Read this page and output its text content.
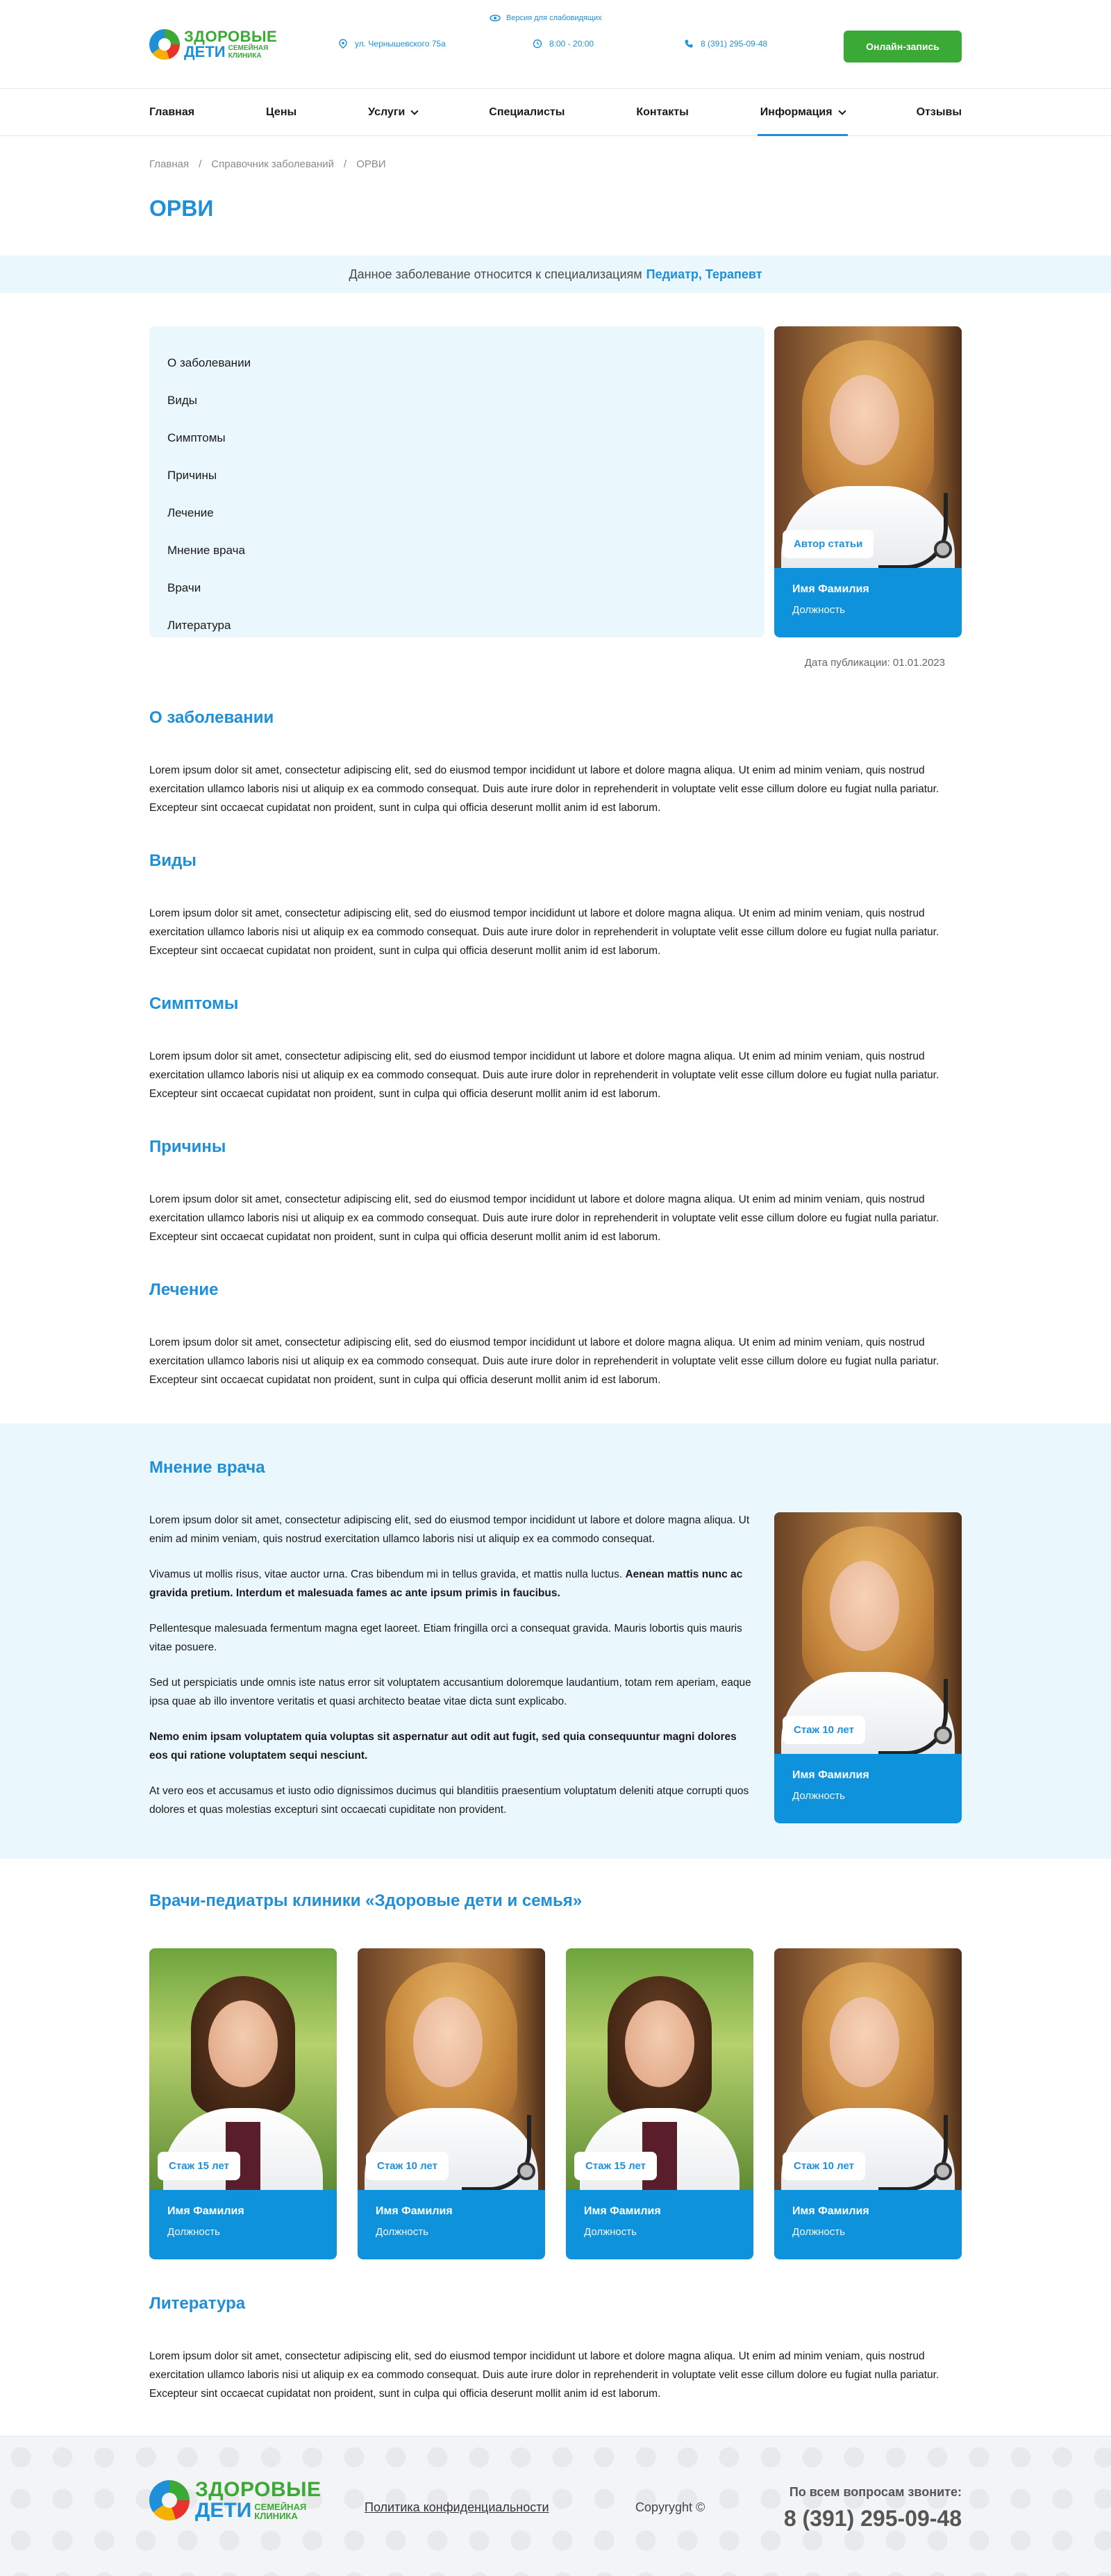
ЗДОРОВЫЕ
ДЕТИ СЕМЕЙНАЯ
КЛИНИКА
Версия для слабовидящих
ул. Чернышевского 75а	8:00 - 20:00	8 (391) 295-09-48	Онлайн-запись
Главная	Цены	Услуги	Специалисты	Контакты	Информация	Отзывы
Главная / Справочник заболеваний / ОРВИ
ОРВИ
Данное заболевание относится к специализациям Педиатр, Терапевт
О заболевании
Виды
Симптомы
Причины
Лечение
Мнение врача
Врачи
Литература
Автор статьи
Имя Фамилия
Должность
Дата публикации: 01.01.2023
О заболевании

Lorem ipsum dolor sit amet, consectetur adipiscing elit, sed do eiusmod tempor incididunt ut labore et dolore magna aliqua. Ut enim ad minim veniam, quis nostrud exercitation ullamco laboris nisi ut aliquip ex ea commodo consequat. Duis aute irure dolor in reprehenderit in voluptate velit esse cillum dolore eu fugiat nulla pariatur. Excepteur sint occaecat cupidatat non proident, sunt in culpa qui officia deserunt mollit anim id est laborum.

Виды

Lorem ipsum dolor sit amet, consectetur adipiscing elit, sed do eiusmod tempor incididunt ut labore et dolore magna aliqua. Ut enim ad minim veniam, quis nostrud exercitation ullamco laboris nisi ut aliquip ex ea commodo consequat. Duis aute irure dolor in reprehenderit in voluptate velit esse cillum dolore eu fugiat nulla pariatur. Excepteur sint occaecat cupidatat non proident, sunt in culpa qui officia deserunt mollit anim id est laborum.

Симптомы

Lorem ipsum dolor sit amet, consectetur adipiscing elit, sed do eiusmod tempor incididunt ut labore et dolore magna aliqua. Ut enim ad minim veniam, quis nostrud exercitation ullamco laboris nisi ut aliquip ex ea commodo consequat. Duis aute irure dolor in reprehenderit in voluptate velit esse cillum dolore eu fugiat nulla pariatur. Excepteur sint occaecat cupidatat non proident, sunt in culpa qui officia deserunt mollit anim id est laborum.

Причины

Lorem ipsum dolor sit amet, consectetur adipiscing elit, sed do eiusmod tempor incididunt ut labore et dolore magna aliqua. Ut enim ad minim veniam, quis nostrud exercitation ullamco laboris nisi ut aliquip ex ea commodo consequat. Duis aute irure dolor in reprehenderit in voluptate velit esse cillum dolore eu fugiat nulla pariatur. Excepteur sint occaecat cupidatat non proident, sunt in culpa qui officia deserunt mollit anim id est laborum.

Лечение

Lorem ipsum dolor sit amet, consectetur adipiscing elit, sed do eiusmod tempor incididunt ut labore et dolore magna aliqua. Ut enim ad minim veniam, quis nostrud exercitation ullamco laboris nisi ut aliquip ex ea commodo consequat. Duis aute irure dolor in reprehenderit in voluptate velit esse cillum dolore eu fugiat nulla pariatur. Excepteur sint occaecat cupidatat non proident, sunt in culpa qui officia deserunt mollit anim id est laborum.

Мнение врача

Lorem ipsum dolor sit amet, consectetur adipiscing elit, sed do eiusmod tempor incididunt ut labore et dolore magna aliqua. Ut enim ad minim veniam, quis nostrud exercitation ullamco laboris nisi ut aliquip ex ea commodo consequat.

Vivamus ut mollis risus, vitae auctor urna. Cras bibendum mi in tellus gravida, et mattis nulla luctus. Aenean mattis nunc ac gravida pretium. Interdum et malesuada fames ac ante ipsum primis in faucibus.

Pellentesque malesuada fermentum magna eget laoreet. Etiam fringilla orci a consequat gravida. Mauris lobortis quis mauris vitae posuere.

Sed ut perspiciatis unde omnis iste natus error sit voluptatem accusantium doloremque laudantium, totam rem aperiam, eaque ipsa quae ab illo inventore veritatis et quasi architecto beatae vitae dicta sunt explicabo.

Nemo enim ipsam voluptatem quia voluptas sit aspernatur aut odit aut fugit, sed quia consequuntur magni dolores eos qui ratione voluptatem sequi nesciunt.

At vero eos et accusamus et iusto odio dignissimos ducimus qui blanditiis praesentium voluptatum deleniti atque corrupti quos dolores et quas molestias excepturi sint occaecati cupiditate non provident.

Стаж 10 лет
Имя Фамилия
Должность
Врачи-педиатры клиники «Здоровые дети и семья»
Стаж 15 лет
Имя Фамилия
Должность
Стаж 10 лет
Имя Фамилия
Должность
Стаж 15 лет
Имя Фамилия
Должность
Стаж 10 лет
Имя Фамилия
Должность
Литература

Lorem ipsum dolor sit amet, consectetur adipiscing elit, sed do eiusmod tempor incididunt ut labore et dolore magna aliqua. Ut enim ad minim veniam, quis nostrud exercitation ullamco laboris nisi ut aliquip ex ea commodo consequat. Duis aute irure dolor in reprehenderit in voluptate velit esse cillum dolore eu fugiat nulla pariatur. Excepteur sint occaecat cupidatat non proident, sunt in culpa qui officia deserunt mollit anim id est laborum.

ЗДОРОВЫЕ
ДЕТИ СЕМЕЙНАЯ
КЛИНИКА
Политика конфиденциальности	Copyryght ©
По всем вопросам звоните:
8 (391) 295-09-48
